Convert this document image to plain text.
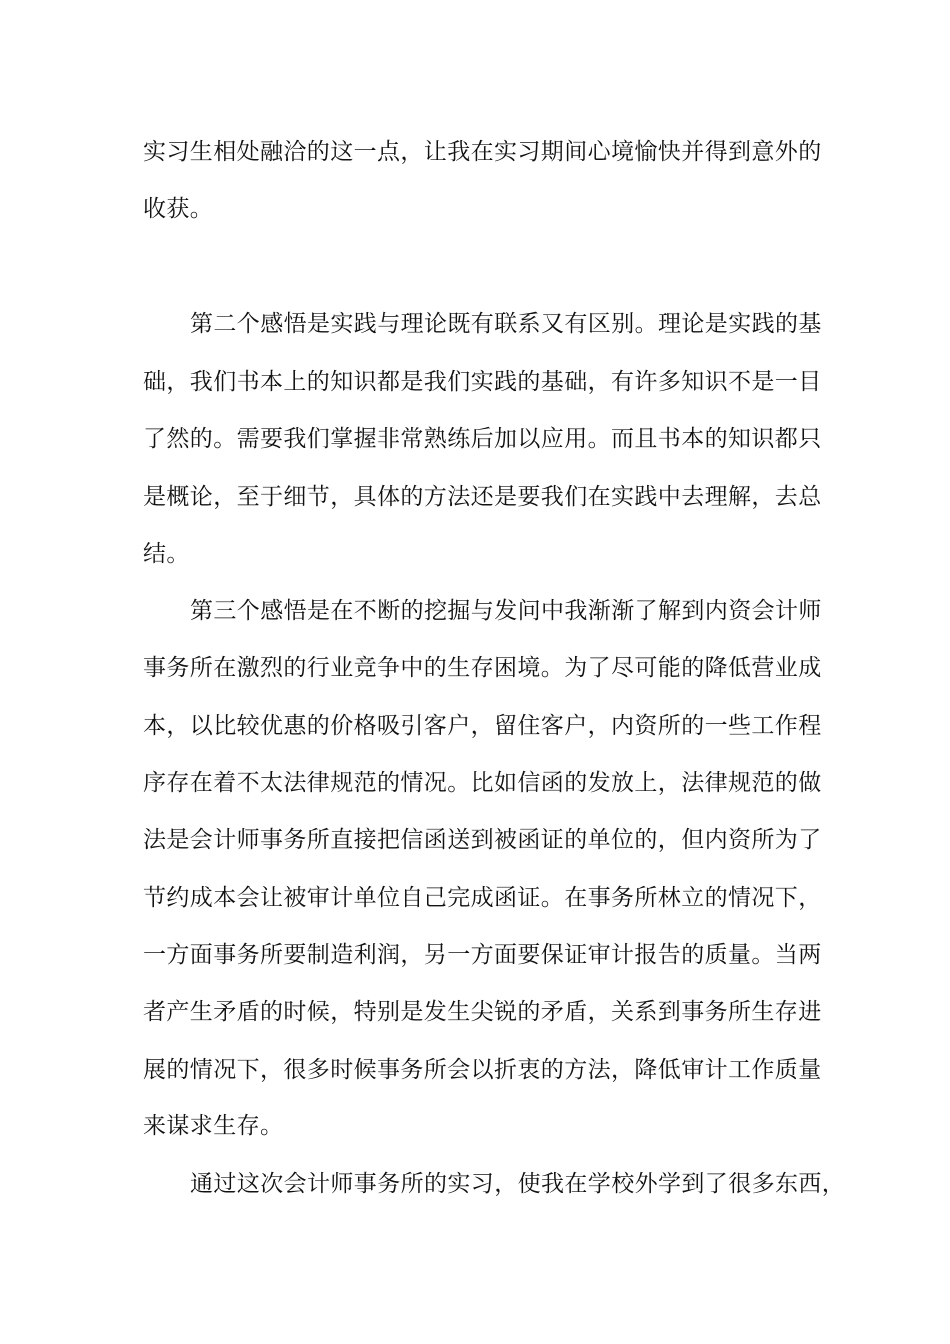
实习生相处融洽的这一点，让我在实习期间心境愉快并得到意外的

收获。

第二个感悟是实践与理论既有联系又有区别。理论是实践的基

础，我们书本上的知识都是我们实践的基础，有许多知识不是一目

了然的。需要我们掌握非常熟练后加以应用。而且书本的知识都只

是概论，至于细节，具体的方法还是要我们在实践中去理解，去总

结。

第三个感悟是在不断的挖掘与发问中我渐渐了解到内资会计师

事务所在激烈的行业竞争中的生存困境。为了尽可能的降低营业成

本，以比较优惠的价格吸引客户，留住客户，内资所的一些工作程

序存在着不太法律规范的情况。比如信函的发放上，法律规范的做

法是会计师事务所直接把信函送到被函证的单位的，但内资所为了

节约成本会让被审计单位自己完成函证。在事务所林立的情况下，

一方面事务所要制造利润，另一方面要保证审计报告的质量。当两

者产生矛盾的时候，特别是发生尖锐的矛盾，关系到事务所生存进

展的情况下，很多时候事务所会以折衷的方法，降低审计工作质量

来谋求生存。

通过这次会计师事务所的实习，使我在学校外学到了很多东西，
